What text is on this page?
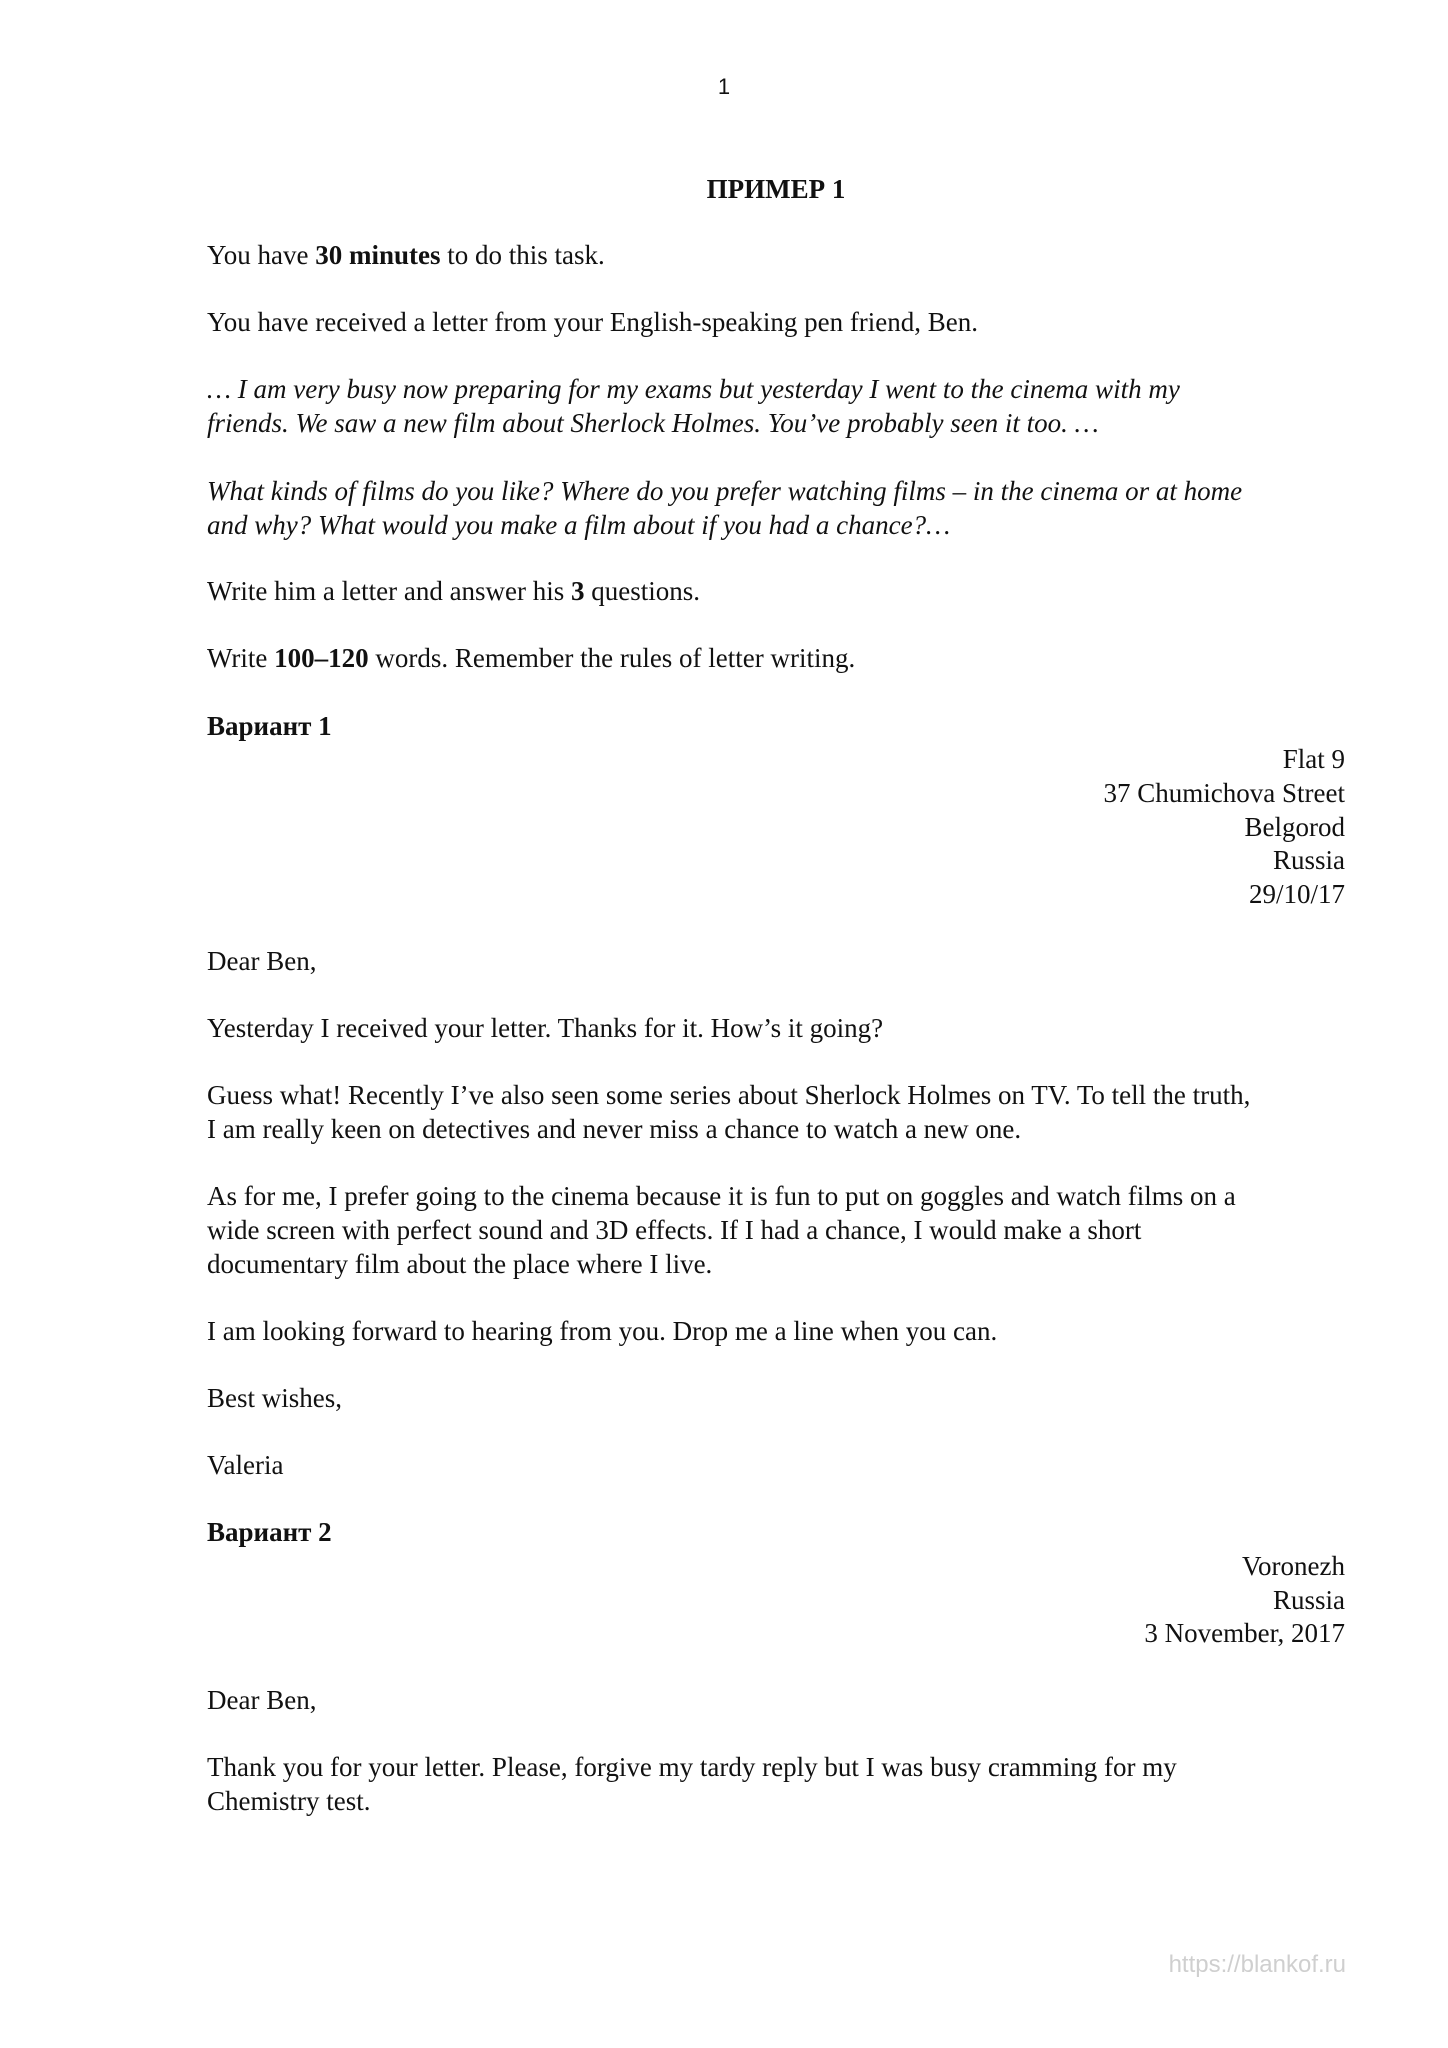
1
ПРИМЕР 1
You have 30 minutes to do this task.
You have received a letter from your English-speaking pen friend, Ben.
… I am very busy now preparing for my exams but yesterday I went to the cinema with my
friends. We saw a new film about Sherlock Holmes. You’ve probably seen it too. …
What kinds of films do you like? Where do you prefer watching films – in the cinema or at home
and why? What would you make a film about if you had a chance?…
Write him a letter and answer his 3 questions.
Write 100–120 words. Remember the rules of letter writing.
Вариант 1
Flat 9
37 Chumichova Street
Belgorod
Russia
29/10/17
Dear Ben,
Yesterday I received your letter. Thanks for it. How’s it going?
Guess what! Recently I’ve also seen some series about Sherlock Holmes on TV. To tell the truth,
I am really keen on detectives and never miss a chance to watch a new one.
As for me, I prefer going to the cinema because it is fun to put on goggles and watch films on a
wide screen with perfect sound and 3D effects. If I had a chance, I would make a short
documentary film about the place where I live.
I am looking forward to hearing from you. Drop me a line when you can.
Best wishes,
Valeria
Вариант 2
Voronezh
Russia
3 November, 2017
Dear Ben,
Thank you for your letter. Please, forgive my tardy reply but I was busy cramming for my
Chemistry test.
https://blankof.ru
